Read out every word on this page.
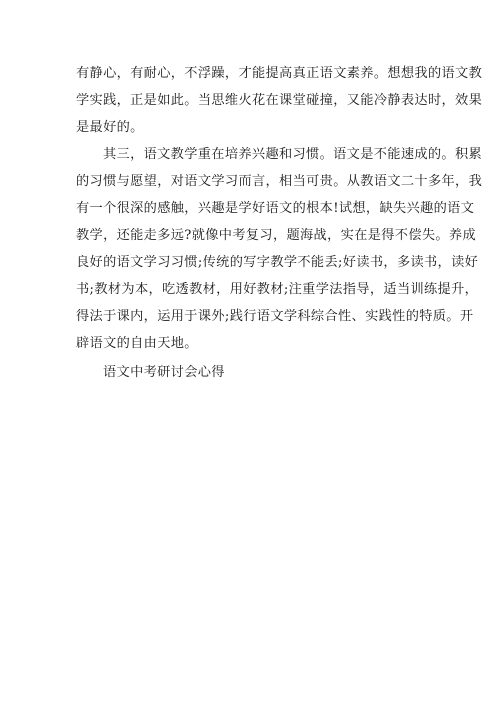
有静心，有耐心，不浮躁，才能提高真正语文素养。想想我的语文教
学实践，正是如此。当思维火花在课堂碰撞，又能冷静表达时，效果
是最好的。
其三，语文教学重在培养兴趣和习惯。语文是不能速成的。积累
的习惯与愿望，对语文学习而言，相当可贵。从教语文二十多年，我
有一个很深的感触，兴趣是学好语文的根本!试想，缺失兴趣的语文
教学，还能走多远?就像中考复习，题海战，实在是得不偿失。养成
良好的语文学习习惯;传统的写字教学不能丢;好读书，多读书，读好
书;教材为本，吃透教材，用好教材;注重学法指导，适当训练提升，
得法于课内，运用于课外;践行语文学科综合性、实践性的特质。开
辟语文的自由天地。
语文中考研讨会心得
